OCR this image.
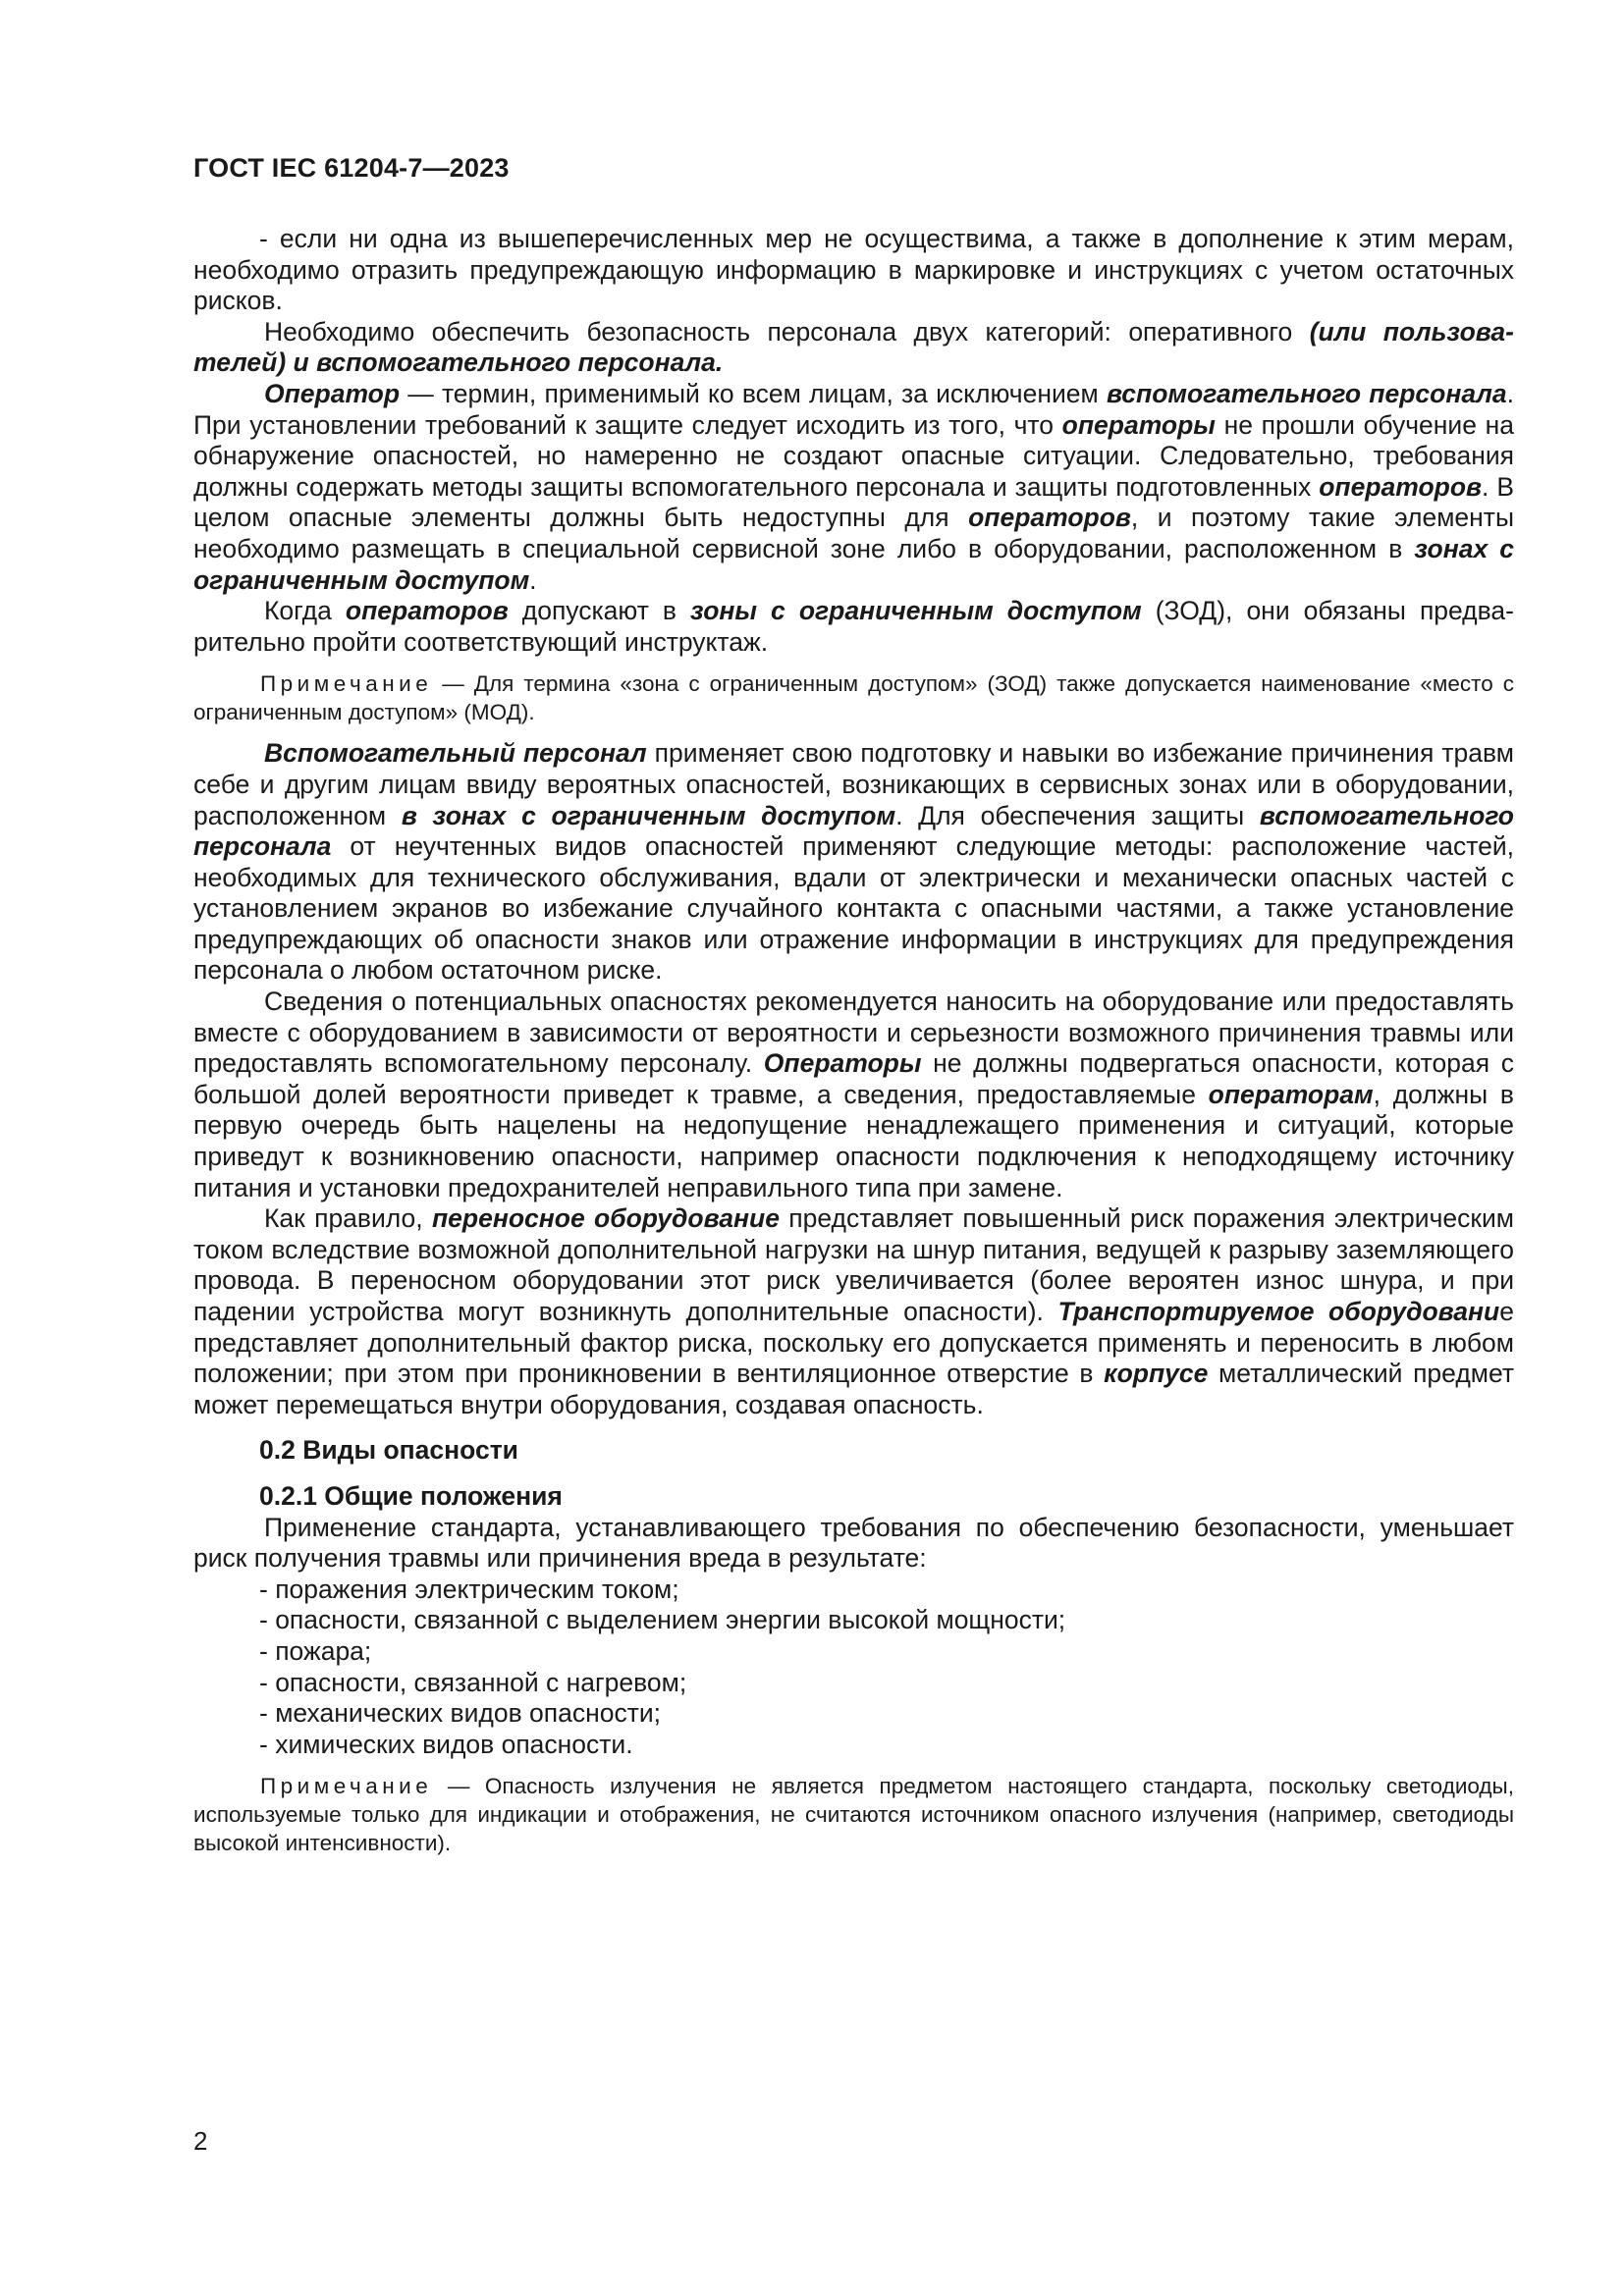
ГОСТ IEC 61204-7—2023

- если ни одна из вышеперечисленных мер не осуществима, а также в дополнение к этим мерам, необходимо отразить предупреждающую информацию в маркировке и инструкциях с учетом остаточных рисков.

Необходимо обеспечить безопасность персонала двух категорий: оперативного (или пользователей) и вспомогательного персонала.

Оператор — термин, применимый ко всем лицам, за исключением вспомогательного персонала. При установлении требований к защите следует исходить из того, что операторы не прошли обучение на обнаружение опасностей, но намеренно не создают опасные ситуации. Следовательно, требования должны содержать методы защиты вспомогательного персонала и защиты подготовленных операторов. В целом опасные элементы должны быть недоступны для операторов, и поэтому такие элементы необходимо размещать в специальной сервисной зоне либо в оборудовании, расположенном в зонах с ограниченным доступом.

Когда операторов допускают в зоны с ограниченным доступом (ЗОД), они обязаны предварительно пройти соответствующий инструктаж.

Примечание — Для термина «зона с ограниченным доступом» (ЗОД) также допускается наименование «место с ограниченным доступом» (МОД).

Вспомогательный персонал применяет свою подготовку и навыки во избежание причинения травм себе и другим лицам ввиду вероятных опасностей, возникающих в сервисных зонах или в оборудовании, расположенном в зонах с ограниченным доступом. Для обеспечения защиты вспомогательного персонала от неучтенных видов опасностей применяют следующие методы: расположение частей, необходимых для технического обслуживания, вдали от электрически и механически опасных частей с установлением экранов во избежание случайного контакта с опасными частями, а также установление предупреждающих об опасности знаков или отражение информации в инструкциях для предупреждения персонала о любом остаточном риске.

Сведения о потенциальных опасностях рекомендуется наносить на оборудование или предоставлять вместе с оборудованием в зависимости от вероятности и серьезности возможного причинения травмы или предоставлять вспомогательному персоналу. Операторы не должны подвергаться опасности, которая с большой долей вероятности приведет к травме, а сведения, предоставляемые операторам, должны в первую очередь быть нацелены на недопущение ненадлежащего применения и ситуаций, которые приведут к возникновению опасности, например опасности подключения к неподходящему источнику питания и установки предохранителей неправильного типа при замене.

Как правило, переносное оборудование представляет повышенный риск поражения электрическим током вследствие возможной дополнительной нагрузки на шнур питания, ведущей к разрыву заземляющего провода. В переносном оборудовании этот риск увеличивается (более вероятен износ шнура, и при падении устройства могут возникнуть дополнительные опасности). Транспортируемое оборудование представляет дополнительный фактор риска, поскольку его допускается применять и переносить в любом положении; при этом при проникновении в вентиляционное отверстие в корпусе металлический предмет может перемещаться внутри оборудования, создавая опасность.

0.2 Виды опасности

0.2.1 Общие положения

Применение стандарта, устанавливающего требования по обеспечению безопасности, уменьшает риск получения травмы или причинения вреда в результате:

- поражения электрическим током;

- опасности, связанной с выделением энергии высокой мощности;

- пожара;

- опасности, связанной с нагревом;

- механических видов опасности;

- химических видов опасности.

Примечание — Опасность излучения не является предметом настоящего стандарта, поскольку светодиоды, используемые только для индикации и отображения, не считаются источником опасного излучения (например, светодиоды высокой интенсивности).

2
